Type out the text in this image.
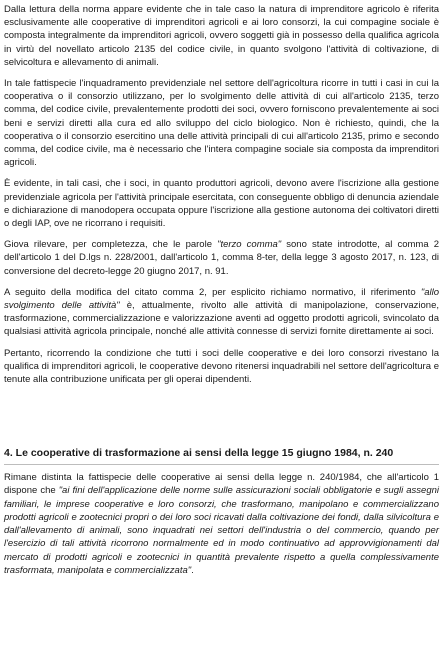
Dalla lettura della norma appare evidente che in tale caso la natura di imprenditore agricolo è riferita esclusivamente alle cooperative di imprenditori agricoli e ai loro consorzi, la cui compagine sociale è composta integralmente da imprenditori agricoli, ovvero soggetti già in possesso della qualifica agricola in virtù del novellato articolo 2135 del codice civile, in quanto svolgono l'attività di coltivazione, di selvicoltura e allevamento di animali.

In tale fattispecie l'inquadramento previdenziale nel settore dell'agricoltura ricorre in tutti i casi in cui la cooperativa o il consorzio utilizzano, per lo svolgimento delle attività di cui all'articolo 2135, terzo comma, del codice civile, prevalentemente prodotti dei soci, ovvero forniscono prevalentemente ai soci beni e servizi diretti alla cura ed allo sviluppo del ciclo biologico. Non è richiesto, quindi, che la cooperativa o il consorzio esercitino una delle attività principali di cui all'articolo 2135, primo e secondo comma, del codice civile, ma è necessario che l'intera compagine sociale sia composta da imprenditori agricoli.

È evidente, in tali casi, che i soci, in quanto produttori agricoli, devono avere l'iscrizione alla gestione previdenziale agricola per l'attività principale esercitata, con conseguente obbligo di denuncia aziendale e dichiarazione di manodopera occupata oppure l'iscrizione alla gestione autonoma dei coltivatori diretti o degli IAP, ove ne ricorrano i requisiti.

Giova rilevare, per completezza, che le parole "terzo comma" sono state introdotte, al comma 2 dell'articolo 1 del D.lgs n. 228/2001, dall'articolo 1, comma 8-ter, della legge 3 agosto 2017, n. 123, di conversione del decreto-legge 20 giugno 2017, n. 91.

A seguito della modifica del citato comma 2, per esplicito richiamo normativo, il riferimento "allo svolgimento delle attività" è, attualmente, rivolto alle attività di manipolazione, conservazione, trasformazione, commercializzazione e valorizzazione aventi ad oggetto prodotti agricoli, svincolato da qualsiasi attività agricola principale, nonché alle attività connesse di servizi fornite direttamente ai soci.

Pertanto, ricorrendo la condizione che tutti i soci delle cooperative e dei loro consorzi rivestano la qualifica di imprenditori agricoli, le cooperative devono ritenersi inquadrabili nel settore dell'agricoltura e tenute alla contribuzione unificata per gli operai dipendenti.

4. Le cooperative di trasformazione ai sensi della legge 15 giugno 1984, n. 240

Rimane distinta la fattispecie delle cooperative ai sensi della legge n. 240/1984, che all'articolo 1 dispone che "ai fini dell'applicazione delle norme sulle assicurazioni sociali obbligatorie e sugli assegni familiari, le imprese cooperative e loro consorzi, che trasformano, manipolano e commercializzano prodotti agricoli e zootecnici propri o dei loro soci ricavati dalla coltivazione dei fondi, dalla silvicoltura e dall'allevamento di animali, sono inquadrati nei settori dell'industria o del commercio, quando per l'esercizio di tali attività ricorrono normalmente ed in modo continuativo ad approvvigionamenti dal mercato di prodotti agricoli e zootecnici in quantità prevalente rispetto a quella complessivamente trasformata, manipolata e commercializzata".
